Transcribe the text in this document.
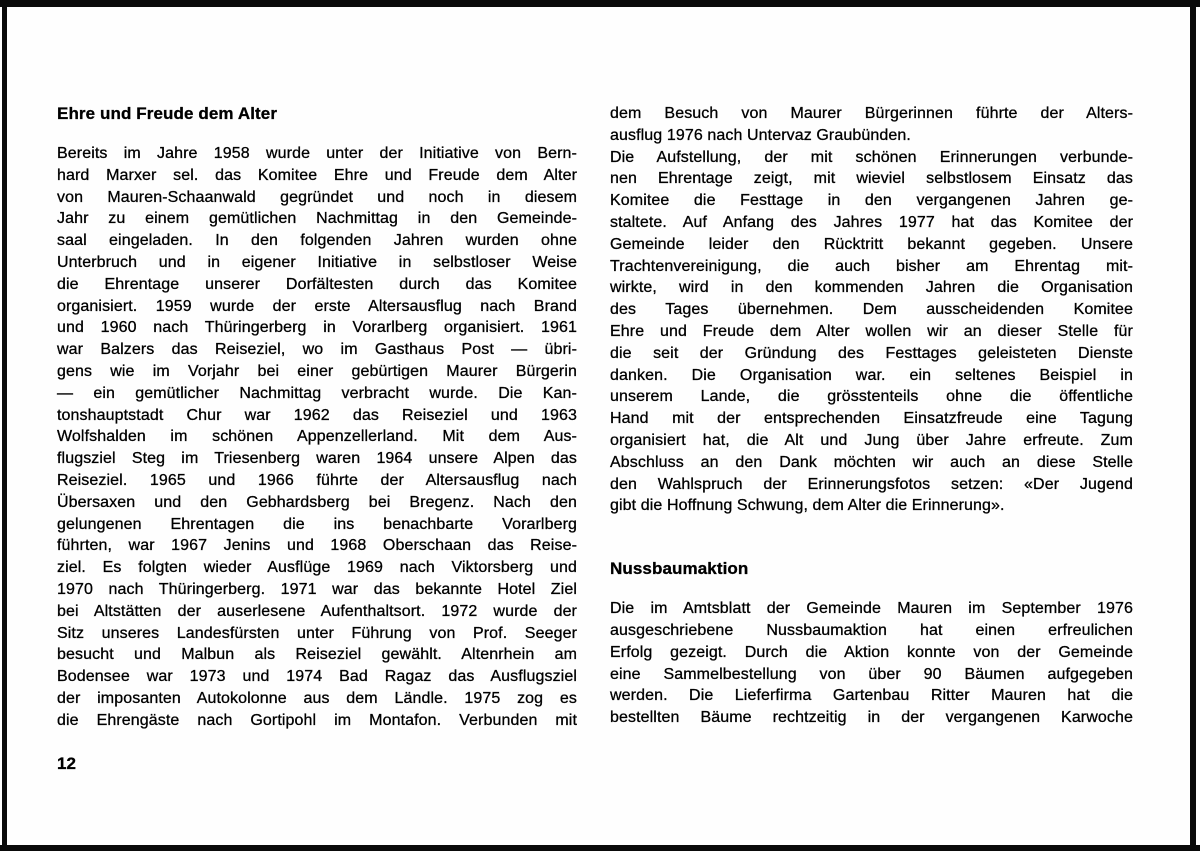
Ehre und Freude dem Alter
Bereits im Jahre 1958 wurde unter der Initiative von Bern-
hard Marxer sel. das Komitee Ehre und Freude dem Alter
von Mauren-Schaanwald gegründet und noch in diesem
Jahr zu einem gemütlichen Nachmittag in den Gemeinde-
saal eingeladen. In den folgenden Jahren wurden ohne
Unterbruch und in eigener Initiative in selbstloser Weise
die Ehrentage unserer Dorfältesten durch das Komitee
organisiert. 1959 wurde der erste Altersausflug nach Brand
und 1960 nach Thüringerberg in Vorarlberg organisiert. 1961
war Balzers das Reiseziel, wo im Gasthaus Post — übri-
gens wie im Vorjahr bei einer gebürtigen Maurer Bürgerin
— ein gemütlicher Nachmittag verbracht wurde. Die Kan-
tonshauptstadt Chur war 1962 das Reiseziel und 1963
Wolfshalden im schönen Appenzellerland. Mit dem Aus-
flugsziel Steg im Triesenberg waren 1964 unsere Alpen das
Reiseziel. 1965 und 1966 führte der Altersausflug nach
Übersaxen und den Gebhardsberg bei Bregenz. Nach den
gelungenen Ehrentagen die ins benachbarte Vorarlberg
führten, war 1967 Jenins und 1968 Oberschaan das Reise-
ziel. Es folgten wieder Ausflüge 1969 nach Viktorsberg und
1970 nach Thüringerberg. 1971 war das bekannte Hotel Ziel
bei Altstätten der auserlesene Aufenthaltsort. 1972 wurde der
Sitz unseres Landesfürsten unter Führung von Prof. Seeger
besucht und Malbun als Reiseziel gewählt. Altenrhein am
Bodensee war 1973 und 1974 Bad Ragaz das Ausflugsziel
der imposanten Autokolonne aus dem Ländle. 1975 zog es
die Ehrengäste nach Gortipohl im Montafon. Verbunden mit
dem Besuch von Maurer Bürgerinnen führte der Alters-
ausflug 1976 nach Untervaz Graubünden.
Die Aufstellung, der mit schönen Erinnerungen verbunde-
nen Ehrentage zeigt, mit wieviel selbstlosem Einsatz das
Komitee die Festtage in den vergangenen Jahren ge-
staltete. Auf Anfang des Jahres 1977 hat das Komitee der
Gemeinde leider den Rücktritt bekannt gegeben. Unsere
Trachtenvereinigung, die auch bisher am Ehrentag mit-
wirkte, wird in den kommenden Jahren die Organisation
des Tages übernehmen. Dem ausscheidenden Komitee
Ehre und Freude dem Alter wollen wir an dieser Stelle für
die seit der Gründung des Festtages geleisteten Dienste
danken. Die Organisation war. ein seltenes Beispiel in
unserem Lande, die grösstenteils ohne die öffentliche
Hand mit der entsprechenden Einsatzfreude eine Tagung
organisiert hat, die Alt und Jung über Jahre erfreute. Zum
Abschluss an den Dank möchten wir auch an diese Stelle
den Wahlspruch der Erinnerungsfotos setzen: «Der Jugend
gibt die Hoffnung Schwung, dem Alter die Erinnerung».
Nussbaumaktion
Die im Amtsblatt der Gemeinde Mauren im September 1976
ausgeschriebene Nussbaumaktion hat einen erfreulichen
Erfolg gezeigt. Durch die Aktion konnte von der Gemeinde
eine Sammelbestellung von über 90 Bäumen aufgegeben
werden. Die Lieferfirma Gartenbau Ritter Mauren hat die
bestellten Bäume rechtzeitig in der vergangenen Karwoche
12
